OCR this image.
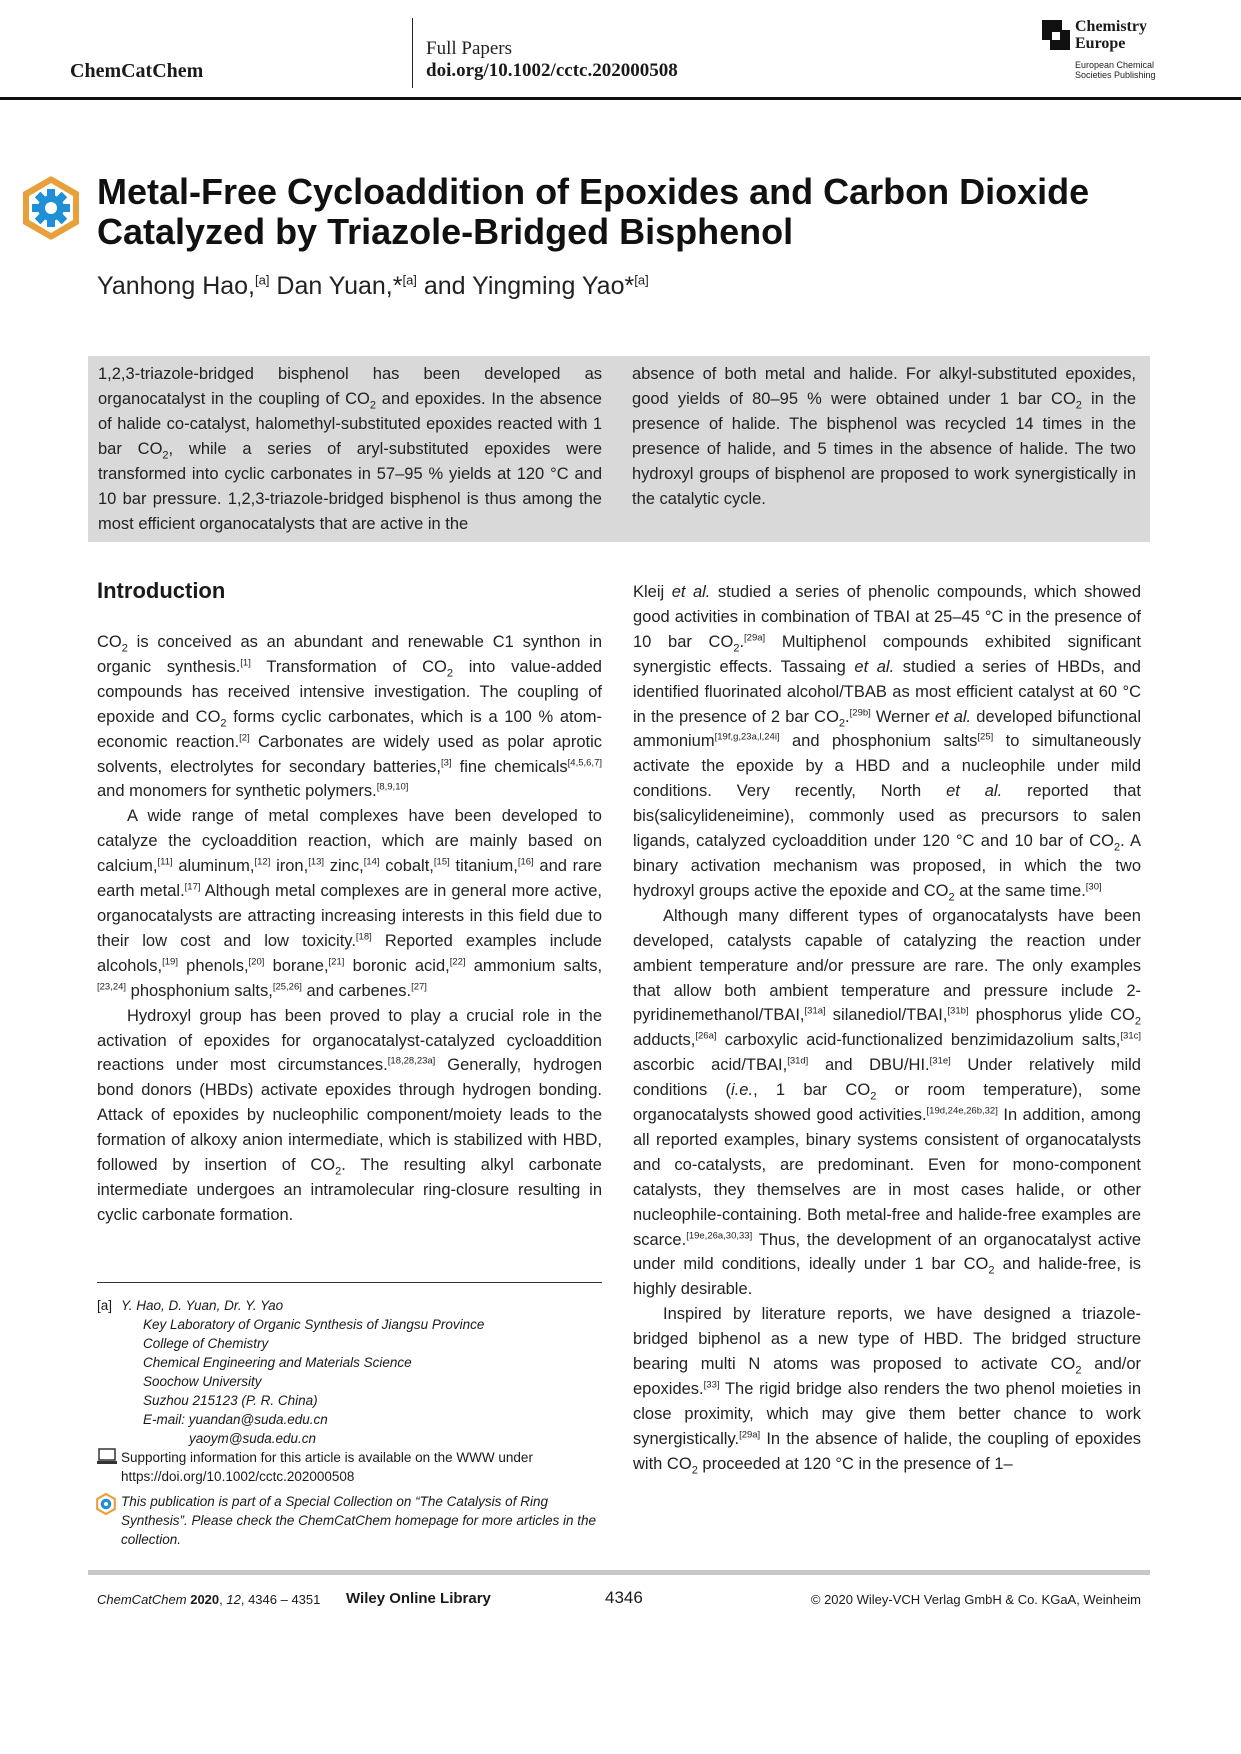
ChemCatChem
Full Papers
doi.org/10.1002/cctc.202000508
Chemistry
Europe
European Chemical
Societies Publishing
Metal-Free Cycloaddition of Epoxides and Carbon Dioxide Catalyzed by Triazole-Bridged Bisphenol
Yanhong Hao,[a] Dan Yuan,*[a] and Yingming Yao*[a]
1,2,3-triazole-bridged bisphenol has been developed as organocatalyst in the coupling of $CO_2$ and epoxides. In the absence of halide co-catalyst, halomethyl-substituted epoxides reacted with 1 bar $CO_2$, while a series of aryl-substituted epoxides were transformed into cyclic carbonates in 57–95 % yields at 120 °C and 10 bar pressure. 1,2,3-triazole-bridged bisphenol is thus among the most efficient organocatalysts that are active in the
absence of both metal and halide. For alkyl-substituted epoxides, good yields of 80–95 % were obtained under 1 bar $CO_2$ in the presence of halide. The bisphenol was recycled 14 times in the presence of halide, and 5 times in the absence of halide. The two hydroxyl groups of bisphenol are proposed to work synergistically in the catalytic cycle.
Introduction

$CO_2$ is conceived as an abundant and renewable C1 synthon in organic synthesis.[1] Transformation of $CO_2$ into value-added compounds has received intensive investigation. The coupling of epoxide and $CO_2$ forms cyclic carbonates, which is a 100 % atom-economic reaction.[2] Carbonates are widely used as polar aprotic solvents, electrolytes for secondary batteries,[3] fine chemicals[4,5,6,7] and monomers for synthetic polymers.[8,9,10]

A wide range of metal complexes have been developed to catalyze the cycloaddition reaction, which are mainly based on calcium,[11] aluminum,[12] iron,[13] zinc,[14] cobalt,[15] titanium,[16] and rare earth metal.[17] Although metal complexes are in general more active, organocatalysts are attracting increasing interests in this field due to their low cost and low toxicity.[18] Reported examples include alcohols,[19] phenols,[20] borane,[21] boronic acid,[22] ammonium salts,[23,24] phosphonium salts,[25,26] and carbenes.[27]

Hydroxyl group has been proved to play a crucial role in the activation of epoxides for organocatalyst-catalyzed cycloaddition reactions under most circumstances.[18,28,23a] Generally, hydrogen bond donors (HBDs) activate epoxides through hydrogen bonding. Attack of epoxides by nucleophilic component/moiety leads to the formation of alkoxy anion intermediate, which is stabilized with HBD, followed by insertion of $CO_2$. The resulting alkyl carbonate intermediate undergoes an intramolecular ring-closure resulting in cyclic carbonate formation.

Kleij et al. studied a series of phenolic compounds, which showed good activities in combination of TBAI at 25–45 °C in the presence of 10 bar $CO_2.[29a]$ Multiphenol compounds exhibited significant synergistic effects. Tassaing et al. studied a series of HBDs, and identified fluorinated alcohol/TBAB as most efficient catalyst at 60 °C in the presence of 2 bar $CO_2.[29b]$ Werner et al. developed bifunctional ammonium[19f,g,23a,l,24i] and phosphonium salts[25] to simultaneously activate the epoxide by a HBD and a nucleophile under mild conditions. Very recently, North et al. reported that bis(salicylideneimine), commonly used as precursors to salen ligands, catalyzed cycloaddition under 120 °C and 10 bar of $CO_2$. A binary activation mechanism was proposed, in which the two hydroxyl groups active the epoxide and $CO_2$ at the same time.[30]

Although many different types of organocatalysts have been developed, catalysts capable of catalyzing the reaction under ambient temperature and/or pressure are rare. The only examples that allow both ambient temperature and pressure include 2-pyridinemethanol/TBAI,[31a] silanediol/TBAI,[31b] phosphorus ylide $CO_2$ adducts,[26a] carboxylic acid-functionalized benzimidazolium salts,[31c] ascorbic acid/TBAI,[31d] and DBU/HI.[31e] Under relatively mild conditions (i.e., 1 bar $CO_2$ or room temperature), some organocatalysts showed good activities.[19d,24e,26b,32] In addition, among all reported examples, binary systems consistent of organocatalysts and co-catalysts, are predominant. Even for mono-component catalysts, they themselves are in most cases halide, or other nucleophile-containing. Both metal-free and halide-free examples are scarce.[19e,26a,30,33] Thus, the development of an organocatalyst active under mild conditions, ideally under 1 bar $CO_2$ and halide-free, is highly desirable.

Inspired by literature reports, we have designed a triazole-bridged biphenol as a new type of HBD. The bridged structure bearing multi N atoms was proposed to activate $CO_2$ and/or epoxides.[33] The rigid bridge also renders the two phenol moieties in close proximity, which may give them better chance to work synergistically.[29a] In the absence of halide, the coupling of epoxides with $CO_2$ proceeded at 120 °C in the presence of 1–

[a] Y. Hao, D. Yuan, Dr. Y. Yao
Key Laboratory of Organic Synthesis of Jiangsu Province
College of Chemistry
Chemical Engineering and Materials Science
Soochow University
Suzhou 215123 (P. R. China)
E-mail: yuandan@suda.edu.cn
yaoym@suda.edu.cn
Supporting information for this article is available on the WWW under https://doi.org/10.1002/cctc.202000508
This publication is part of a Special Collection on “The Catalysis of Ring Synthesis”. Please check the ChemCatChem homepage for more articles in the collection.
ChemCatChem 2020, 12, 4346 – 4351 Wiley Online Library	4346	© 2020 Wiley-VCH Verlag GmbH & Co. KGaA, Weinheim
